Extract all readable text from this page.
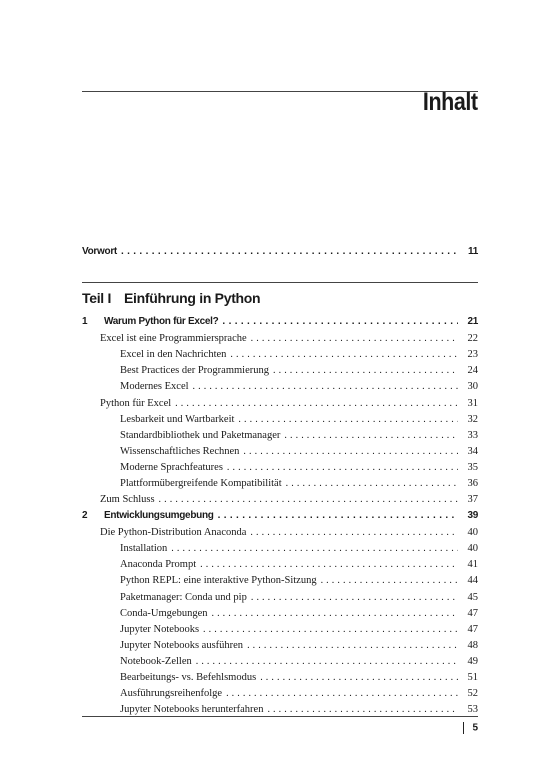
Inhalt
Vorwort . . .	11
Teil I Einführung in Python
1	Warum Python für Excel? . . .	21
Excel ist eine Programmiersprache . . .	22
Excel in den Nachrichten . . .	23
Best Practices der Programmierung . . .	24
Modernes Excel . . .	30
Python für Excel . . .	31
Lesbarkeit und Wartbarkeit . . .	32
Standardbibliothek und Paketmanager . . .	33
Wissenschaftliches Rechnen . . .	34
Moderne Sprachfeatures . . .	35
Plattformübergreifende Kompatibilität . . .	36
Zum Schluss . . .	37
2	Entwicklungsumgebung . . .	39
Die Python-Distribution Anaconda . . .	40
Installation . . .	40
Anaconda Prompt . . .	41
Python REPL: eine interaktive Python-Sitzung . . .	44
Paketmanager: Conda und pip . . .	45
Conda-Umgebungen . . .	47
Jupyter Notebooks . . .	47
Jupyter Notebooks ausführen . . .	48
Notebook-Zellen . . .	49
Bearbeitungs- vs. Befehlsmodus . . .	51
Ausführungsreihenfolge . . .	52
Jupyter Notebooks herunterfahren . . .	53
5
